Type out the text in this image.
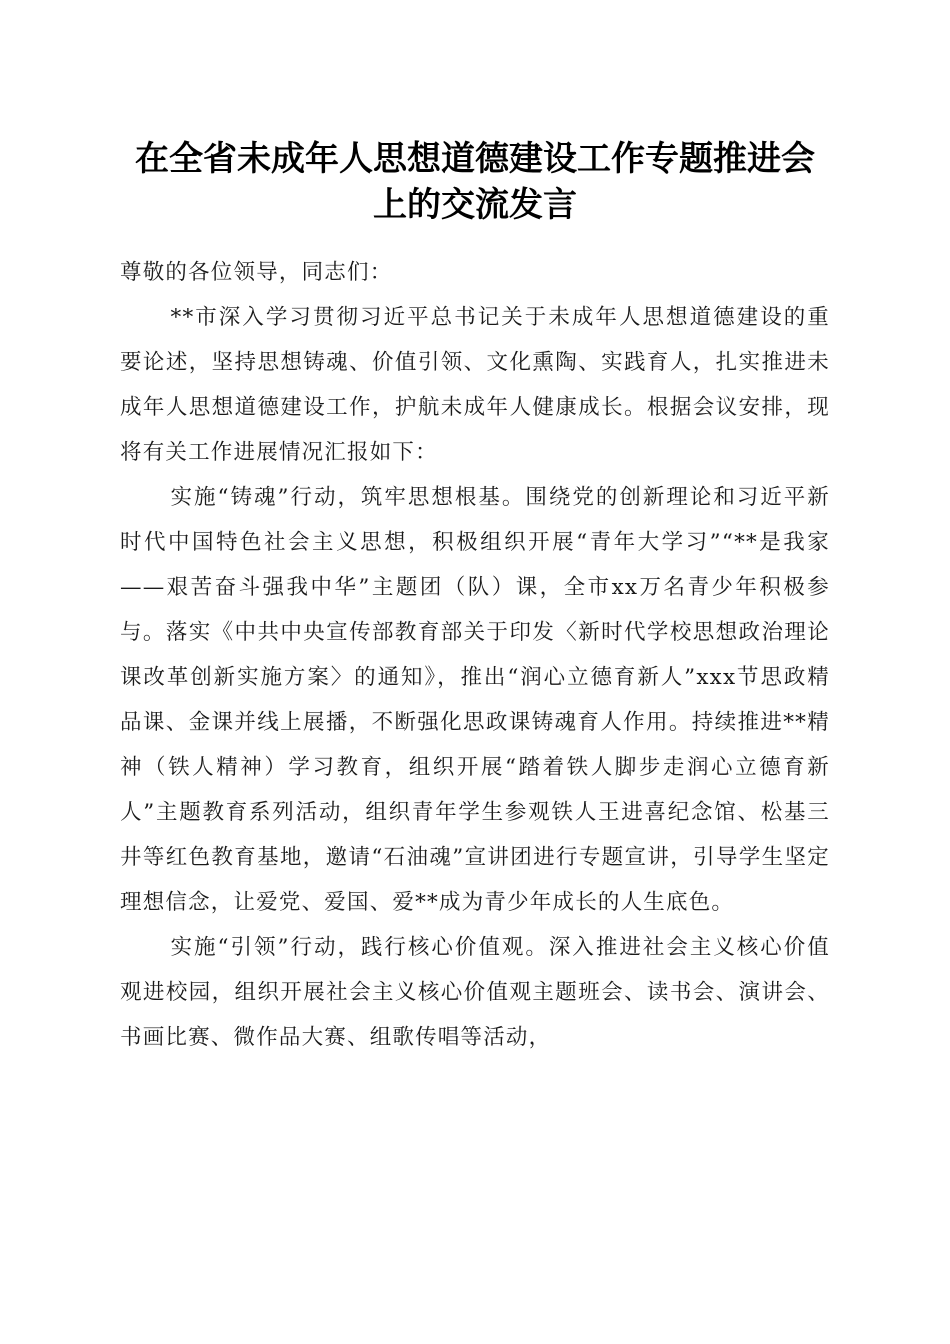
在全省未成年人思想道德建设工作专题推进会
上的交流发言

尊敬的各位领导，同志们：

**市深入学习贯彻习近平总书记关于未成年人思想道德建设的重要论述，坚持思想铸魂、价值引领、文化熏陶、实践育人，扎实推进未成年人思想道德建设工作，护航未成年人健康成长。根据会议安排，现将有关工作进展情况汇报如下：

实施“铸魂”行动，筑牢思想根基。围绕党的创新理论和习近平新时代中国特色社会主义思想，积极组织开展“青年大学习”“**是我家——艰苦奋斗强我中华”主题团（队）课，全市xx万名青少年积极参与。落实《中共中央宣传部教育部关于印发〈新时代学校思想政治理论课改革创新实施方案〉的通知》，推出“润心立德育新人”xxx节思政精品课、金课并线上展播，不断强化思政课铸魂育人作用。持续推进**精神（铁人精神）学习教育，组织开展“踏着铁人脚步走润心立德育新人”主题教育系列活动，组织青年学生参观铁人王进喜纪念馆、松基三井等红色教育基地，邀请“石油魂”宣讲团进行专题宣讲，引导学生坚定理想信念，让爱党、爱国、爱**成为青少年成长的人生底色。

实施“引领”行动，践行核心价值观。深入推进社会主义核心价值观进校园，组织开展社会主义核心价值观主题班会、读书会、演讲会、书画比赛、微作品大赛、组歌传唱等活动，
